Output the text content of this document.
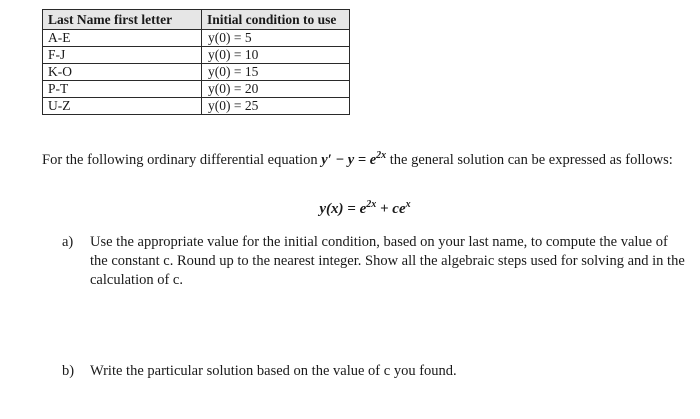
Last Name first letter	Initial condition to use
A-E	y(0) = 5
F-J	y(0) = 10
K-O	y(0) = 15
P-T	y(0) = 20
U-Z	y(0) = 25

For the following ordinary differential equation $y' - y = e^{2x}$ the general solution can be expressed as follows:

$y(x) = e^{2x} + ce^x$
a) Use the appropriate value for the initial condition, based on your last name, to compute the value of the constant c. Round up to the nearest integer. Show all the algebraic steps used for solving and in the calculation of c.
b) Write the particular solution based on the value of c you found.
